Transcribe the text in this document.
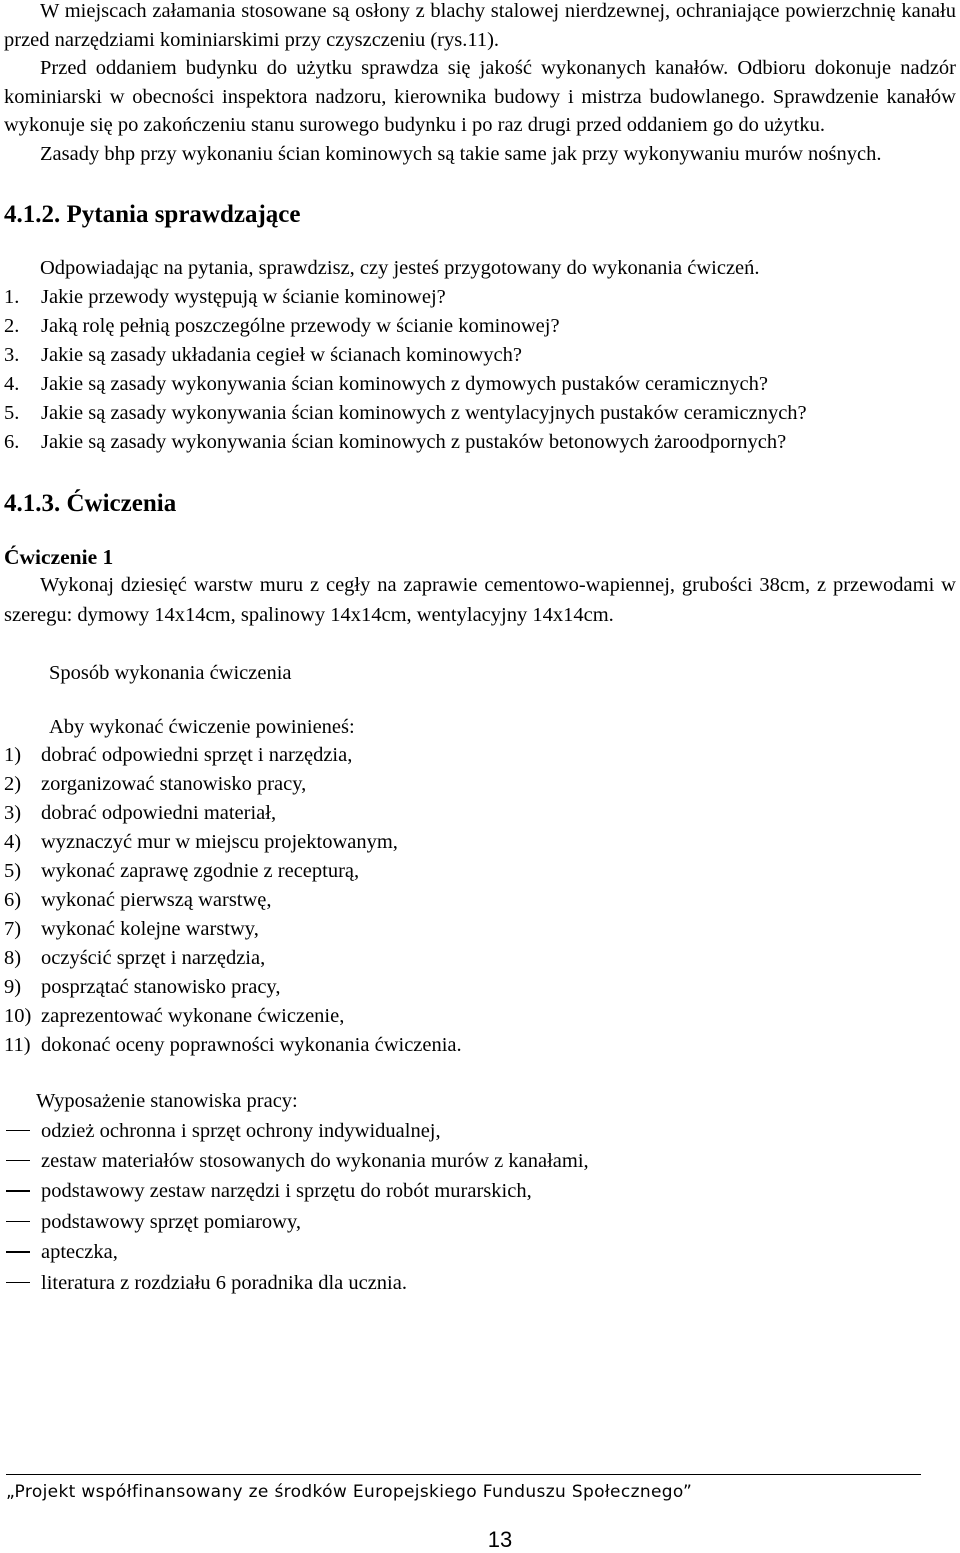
W miejscach załamania stosowane są osłony z blachy stalowej nierdzewnej, ochraniające powierzchnię kanału przed narzędziami kominiarskimi przy czyszczeniu (rys.11).

Przed oddaniem budynku do użytku sprawdza się jakość wykonanych kanałów. Odbioru dokonuje nadzór kominiarski w obecności inspektora nadzoru, kierownika budowy i mistrza budowlanego. Sprawdzenie kanałów wykonuje się po zakończeniu stanu surowego budynku i po raz drugi przed oddaniem go do użytku.

Zasady bhp przy wykonaniu ścian kominowych są takie same jak przy wykonywaniu murów nośnych.

4.1.2. Pytania sprawdzające

Odpowiadając na pytania, sprawdzisz, czy jesteś przygotowany do wykonania ćwiczeń.

1.	Jakie przewody występują w ścianie kominowej?
2.	Jaką rolę pełnią poszczególne przewody w ścianie kominowej?
3.	Jakie są zasady układania cegieł w ścianach kominowych?
4.	Jakie są zasady wykonywania ścian kominowych z dymowych pustaków ceramicznych?
5.	Jakie są zasady wykonywania ścian kominowych z wentylacyjnych pustaków ceramicznych?
6.	Jakie są zasady wykonywania ścian kominowych z pustaków betonowych żaroodpornych?
4.1.3. Ćwiczenia
Ćwiczenie 1

Wykonaj dziesięć warstw muru z cegły na zaprawie cementowo-wapiennej, grubości 38cm, z przewodami w szeregu: dymowy 14x14cm, spalinowy 14x14cm, wentylacyjny 14x14cm.

Sposób wykonania ćwiczenia

Aby wykonać ćwiczenie powinieneś:

1) dobrać odpowiedni sprzęt i narzędzia,
2) zorganizować stanowisko pracy,
3) dobrać odpowiedni materiał,
4) wyznaczyć mur w miejscu projektowanym,
5) wykonać zaprawę zgodnie z recepturą,
6) wykonać pierwszą warstwę,
7) wykonać kolejne warstwy,
8) oczyścić sprzęt i narzędzia,
9) posprzątać stanowisko pracy,
10) zaprezentować wykonane ćwiczenie,
11) dokonać oceny poprawności wykonania ćwiczenia.

Wyposażenie stanowiska pracy:

odzież ochronna i sprzęt ochrony indywidualnej,
zestaw materiałów stosowanych do wykonania murów z kanałami,
podstawowy zestaw narzędzi i sprzętu do robót murarskich,
podstawowy sprzęt pomiarowy,
apteczka,
literatura z rozdziału 6 poradnika dla ucznia.
„Projekt współfinansowany ze środków Europejskiego Funduszu Społecznego”
13
